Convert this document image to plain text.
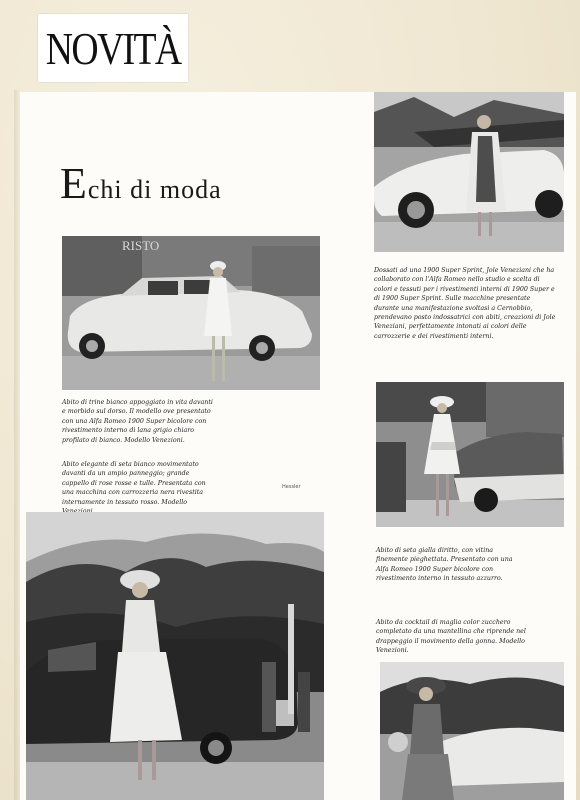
NOVITÀ
Echi di moda
RISTO

Abito di trine bianco appoggiato in vita davanti e morbido sul dorso. Il modello ove presentato con una Alfa Romeo 1900 Super bicolore con rivestimento interno di lana grigio chiaro profilato di bianco. Modello Venezioni.

Abito elegante di seta bianco movimentato davanti da un ampio panneggio; grande cappello di rose rosse e tulle. Presentata con una macchina con carrozzeria nera rivestita internamente in tessuto rosso. Modello

Hessler

Dossati ad una 1900 Super Sprint, Jole Veneziani che ha collaborato con l'Alfa Romeo nello studio e scelta di colori e tessuti per i rivestimenti interni di 1900 Super e di 1900 Super Sprint. Sulle macchine presentate durante una manifestazione svoltasi a Cernobbio, prendevano posto indossatrici con abiti, creazioni di Jole Veneziani, perfettamente intonati ai colori delle carrozzerie e dei rivestimenti interni.

Abito di seta gialla diritto, con vitina finemente pieghettata. Presentato con una Alfa Romeo 1900 Super bicolore con rivestimento interno in tessuto azzurro.

Abito da cocktail di maglia color zucchero completato da una mantellina che riprende nel drappeggio il movimento della gonna. Modello Venezioni.
